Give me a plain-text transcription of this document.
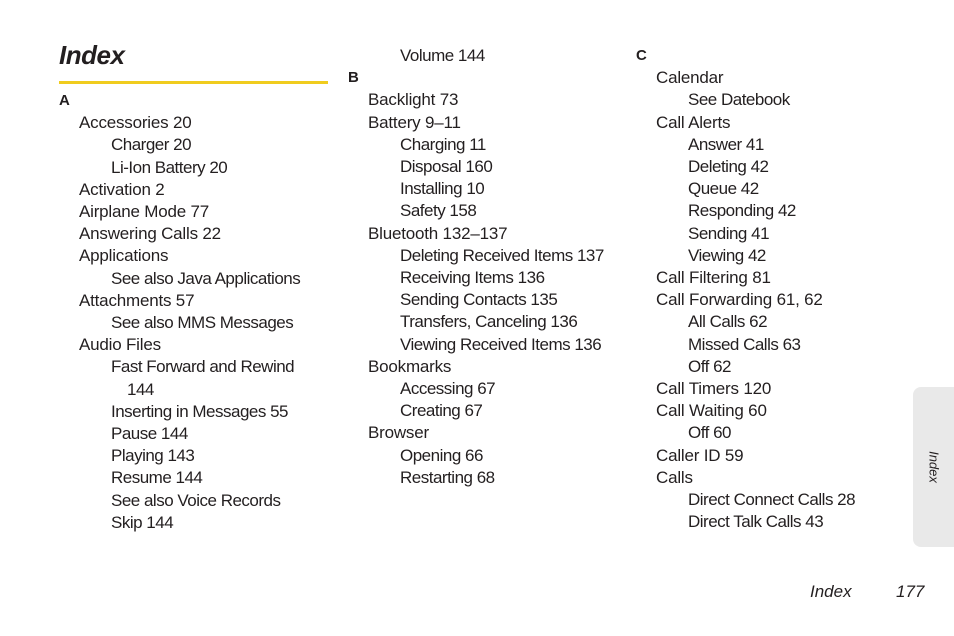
Index
A
Accessories 20
Charger 20
Li-Ion Battery 20
Activation 2
Airplane Mode 77
Answering Calls 22
Applications
See also Java Applications
Attachments 57
See also MMS Messages
Audio Files
Fast Forward and Rewind
144
Inserting in Messages 55
Pause 144
Playing 143
Resume 144
See also Voice Records
Skip 144
Volume 144
B
Backlight 73
Battery 9–11
Charging 11
Disposal 160
Installing 10
Safety 158
Bluetooth 132–137
Deleting Received Items 137
Receiving Items 136
Sending Contacts 135
Transfers, Canceling 136
Viewing Received Items 136
Bookmarks
Accessing 67
Creating 67
Browser
Opening 66
Restarting 68
C
Calendar
See Datebook
Call Alerts
Answer 41
Deleting 42
Queue 42
Responding 42
Sending 41
Viewing 42
Call Filtering 81
Call Forwarding 61, 62
All Calls 62
Missed Calls 63
Off 62
Call Timers 120
Call Waiting 60
Off 60
Caller ID 59
Calls
Direct Connect Calls 28
Direct Talk Calls 43
Index
Index	177
